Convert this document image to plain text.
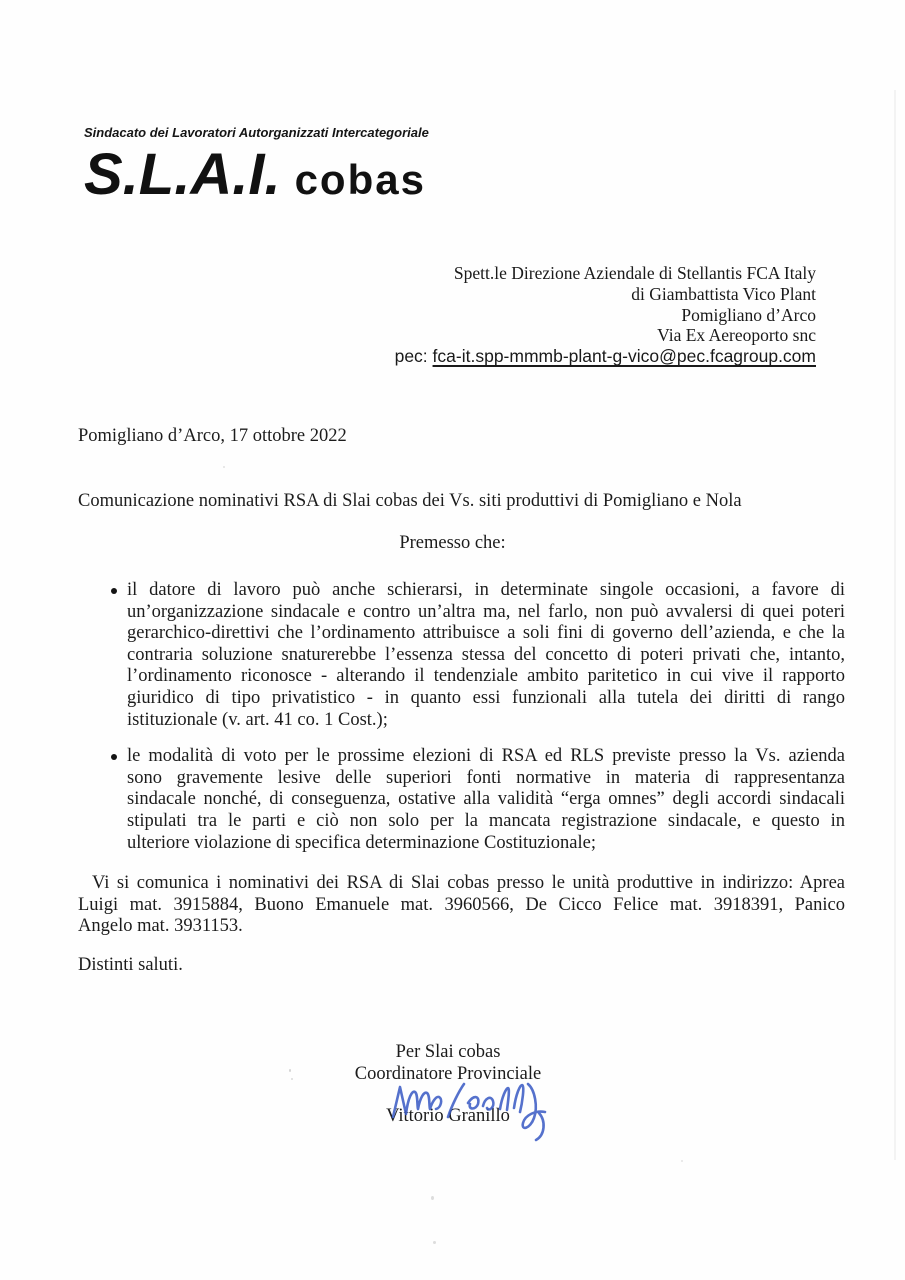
Sindacato dei Lavoratori Autorganizzati Intercategoriale
S.L.A.I. cobas
Spett.le Direzione Aziendale di Stellantis FCA Italy
di Giambattista Vico Plant
Pomigliano d’Arco
Via Ex Aereoporto snc
pec: fca-it.spp-mmmb-plant-g-vico@pec.fcagroup.com
Pomigliano d’Arco, 17 ottobre 2022
Comunicazione nominativi RSA di Slai cobas dei Vs. siti produttivi di Pomigliano e Nola
Premesso che:
il datore di lavoro può anche schierarsi, in determinate singole occasioni, a favore di
un’organizzazione sindacale e contro un’altra ma, nel farlo, non può avvalersi di quei poteri
gerarchico-direttivi che l’ordinamento attribuisce a soli fini di governo dell’azienda, e che la
contraria soluzione snaturerebbe l’essenza stessa del concetto di poteri privati che, intanto,
l’ordinamento riconosce - alterando il tendenziale ambito paritetico in cui vive il rapporto
giuridico di tipo privatistico - in quanto essi funzionali alla tutela dei diritti di rango
istituzionale (v. art. 41 co. 1 Cost.);
le modalità di voto per le prossime elezioni di RSA ed RLS previste presso la Vs. azienda
sono gravemente lesive delle superiori fonti normative in materia di rappresentanza
sindacale nonché, di conseguenza, ostative alla validità “erga omnes” degli accordi sindacali
stipulati tra le parti e ciò non solo per la mancata registrazione sindacale, e questo in
ulteriore violazione di specifica determinazione Costituzionale;
Vi si comunica i nominativi dei RSA di Slai cobas presso le unità produttive in indirizzo: Aprea
Luigi mat. 3915884, Buono Emanuele mat. 3960566, De Cicco Felice mat. 3918391, Panico
Angelo mat. 3931153.
Distinti saluti.
Per Slai cobas
Coordinatore Provinciale
Vittorio Granillo
